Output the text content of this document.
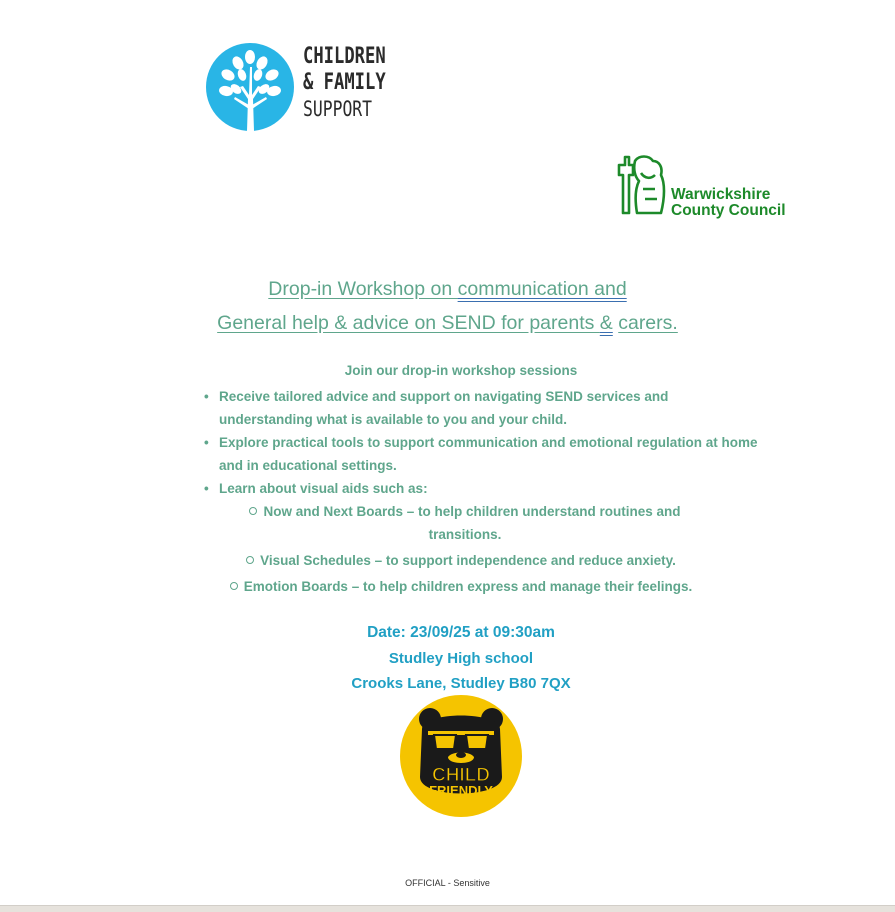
CHILDREN
& FAMILY
SUPPORT
Warwickshire
County Council
Drop-in Workshop on communication and
General help & advice on SEND for parents & carers.
Join our drop-in workshop sessions
• Receive tailored advice and support on navigating SEND services and understanding what is available to you and your child.
• Explore practical tools to support communication and emotional regulation at home and in educational settings.
• Learn about visual aids such as:
Now and Next Boards – to help children understand routines and
transitions.
Visual Schedules – to support independence and reduce anxiety.
Emotion Boards – to help children express and manage their feelings.
Date: 23/09/25 at 09:30am
Studley High school
Crooks Lane, Studley B80 7QX
CHILD
FRIENDLY
WARWICKSHIRE
OFFICIAL - Sensitive
